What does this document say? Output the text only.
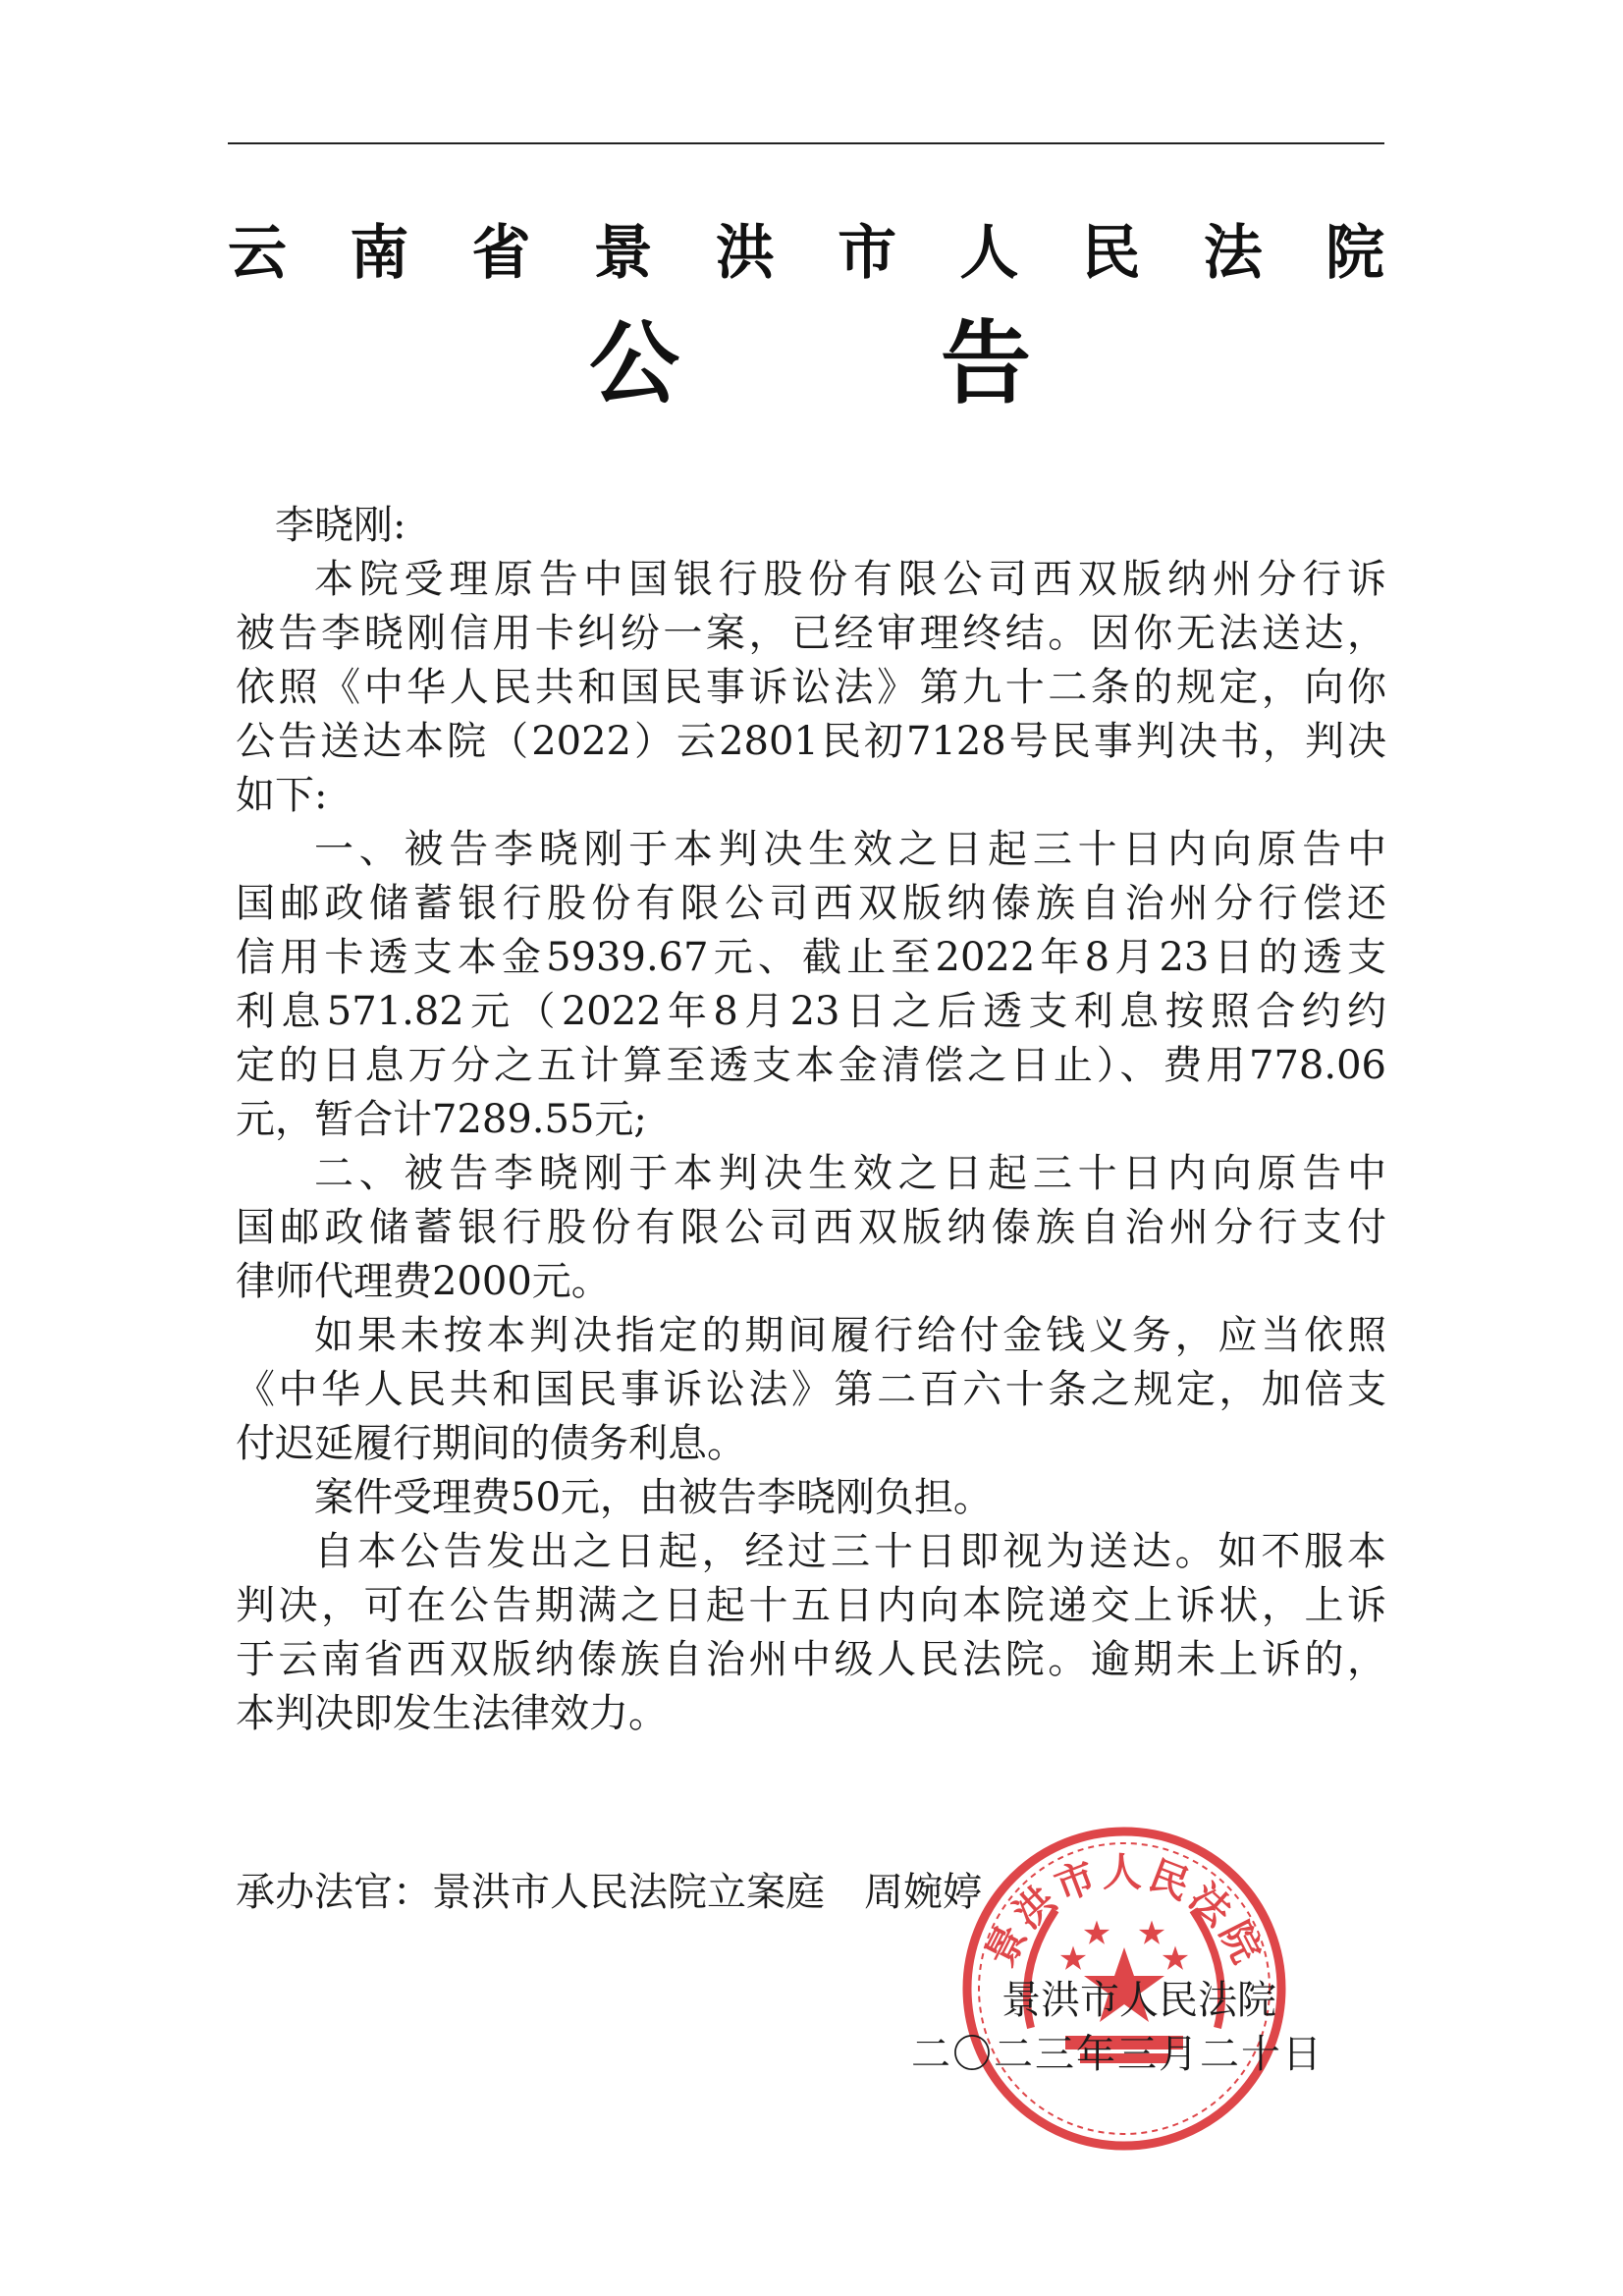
云 南 省 景 洪 市 人 民 法 院
公	告
李晓刚:
本院受理原告中国银行股份有限公司西双版纳州分行诉
被告李晓刚信用卡纠纷一案，已经审理终结。因你无法送达，
依照《中华人民共和国民事诉讼法》第九十二条的规定，向你
公告送达本院（2022）云2801民初7128号民事判决书，判决
如下:
一、被告李晓刚于本判决生效之日起三十日内向原告中
国邮政储蓄银行股份有限公司西双版纳傣族自治州分行偿还
信用卡透支本金5939.67元、截止至2022年8月23日的透支
利息571.82元（2022年8月23日之后透支利息按照合约约
定的日息万分之五计算至透支本金清偿之日止）、费用778.06
元，暂合计7289.55元;
二、被告李晓刚于本判决生效之日起三十日内向原告中
国邮政储蓄银行股份有限公司西双版纳傣族自治州分行支付
律师代理费2000元。
如果未按本判决指定的期间履行给付金钱义务，应当依照
《中华人民共和国民事诉讼法》第二百六十条之规定，加倍支
付迟延履行期间的债务利息。
案件受理费50元，由被告李晓刚负担。
自本公告发出之日起，经过三十日即视为送达。如不服本
判决，可在公告期满之日起十五日内向本院递交上诉状，上诉
于云南省西双版纳傣族自治州中级人民法院。逾期未上诉的，
本判决即发生法律效力。
承办法官：景洪市人民法院立案庭 周婉婷
景洪市人民法院
景洪市人民法院
二〇二三年三月二十日
